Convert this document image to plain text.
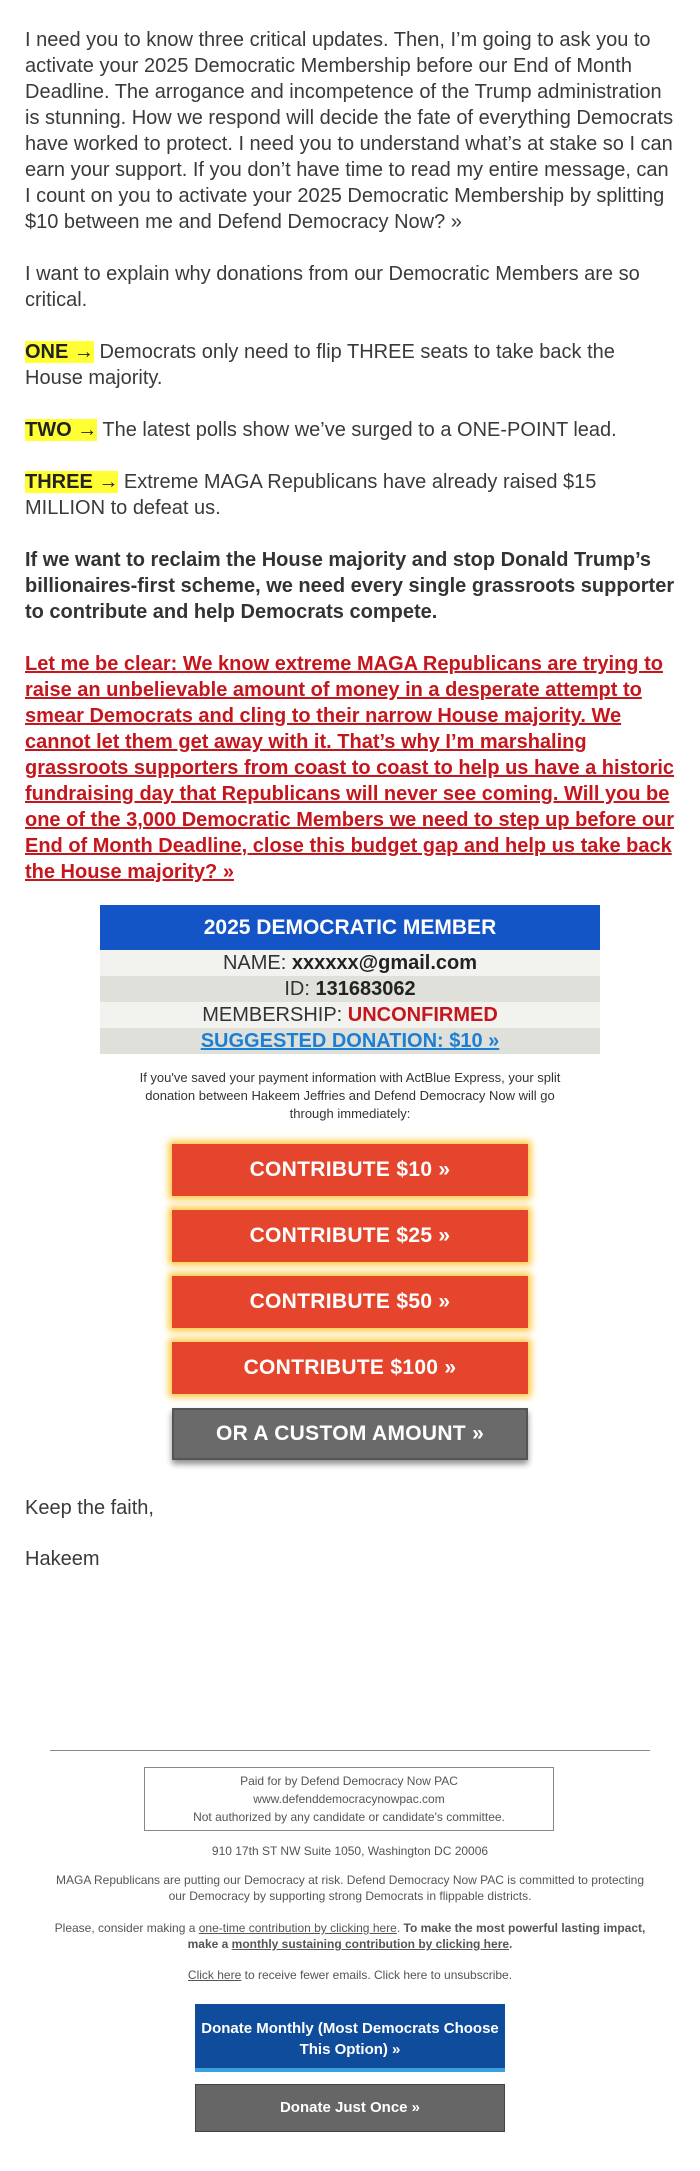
I need you to know three critical updates. Then, I’m going to ask you to activate your 2025 Democratic Membership before our End of Month Deadline. The arrogance and incompetence of the Trump administration is stunning. How we respond will decide the fate of everything Democrats have worked to protect. I need you to understand what’s at stake so I can earn your support. If you don’t have time to read my entire message, can I count on you to activate your 2025 Democratic Membership by splitting $10 between me and Defend Democracy Now? »

I want to explain why donations from our Democratic Members are so critical.

ONE → Democrats only need to flip THREE seats to take back the House majority.

TWO → The latest polls show we’ve surged to a ONE-POINT lead.

THREE → Extreme MAGA Republicans have already raised $15 MILLION to defeat us.

If we want to reclaim the House majority and stop Donald Trump’s billionaires-first scheme, we need every single grassroots supporter to contribute and help Democrats compete.

Let me be clear: We know extreme MAGA Republicans are trying to raise an unbelievable amount of money in a desperate attempt to smear Democrats and cling to their narrow House majority. We cannot let them get away with it. That’s why I’m marshaling grassroots supporters from coast to coast to help us have a historic fundraising day that Republicans will never see coming. Will you be one of the 3,000 Democratic Members we need to step up before our End of Month Deadline, close this budget gap and help us take back the House majority? »

2025 DEMOCRATIC MEMBER
NAME: xxxxxx@gmail.com
ID: 131683062
MEMBERSHIP: UNCONFIRMED
SUGGESTED DONATION: $10 »
If you've saved your payment information with ActBlue Express, your split donation between Hakeem Jeffries and Defend Democracy Now will go through immediately:
CONTRIBUTE $10 »
CONTRIBUTE $25 »
CONTRIBUTE $50 »
CONTRIBUTE $100 »
OR A CUSTOM AMOUNT »
Keep the faith,
Hakeem
Paid for by Defend Democracy Now PAC
www.defenddemocracynowpac.com
Not authorized by any candidate or candidate's committee.
910 17th ST NW Suite 1050, Washington DC 20006
MAGA Republicans are putting our Democracy at risk. Defend Democracy Now PAC is committed to protecting our Democracy by supporting strong Democrats in flippable districts.
Please, consider making a one-time contribution by clicking here. To make the most powerful lasting impact, make a monthly sustaining contribution by clicking here.
Click here to receive fewer emails. Click here to unsubscribe.
Donate Monthly (Most Democrats Choose This Option) »
Donate Just Once »
